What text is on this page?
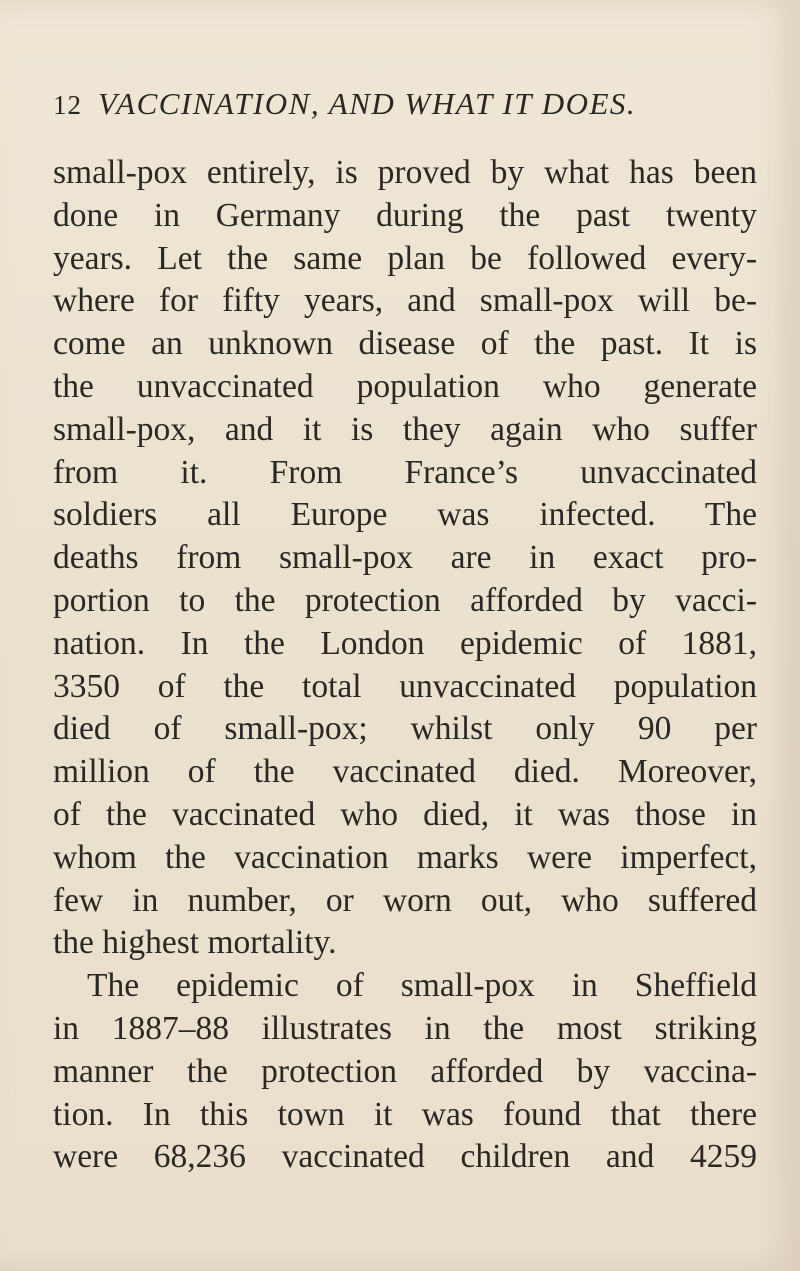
12 VACCINATION, AND WHAT IT DOES.
small-pox entirely, is proved by what has been
done in Germany during the past twenty
years. Let the same plan be followed every-
where for fifty years, and small-pox will be-
come an unknown disease of the past. It is
the unvaccinated population who generate
small-pox, and it is they again who suffer
from it. From France’s unvaccinated
soldiers all Europe was infected. The
deaths from small-pox are in exact pro-
portion to the protection afforded by vacci-
nation. In the London epidemic of 1881,
3350 of the total unvaccinated population
died of small-pox; whilst only 90 per
million of the vaccinated died. Moreover,
of the vaccinated who died, it was those in
whom the vaccination marks were imperfect,
few in number, or worn out, who suffered
the highest mortality.
The epidemic of small-pox in Sheffield
in 1887–88 illustrates in the most striking
manner the protection afforded by vaccina-
tion. In this town it was found that there
were 68,236 vaccinated children and 4259
